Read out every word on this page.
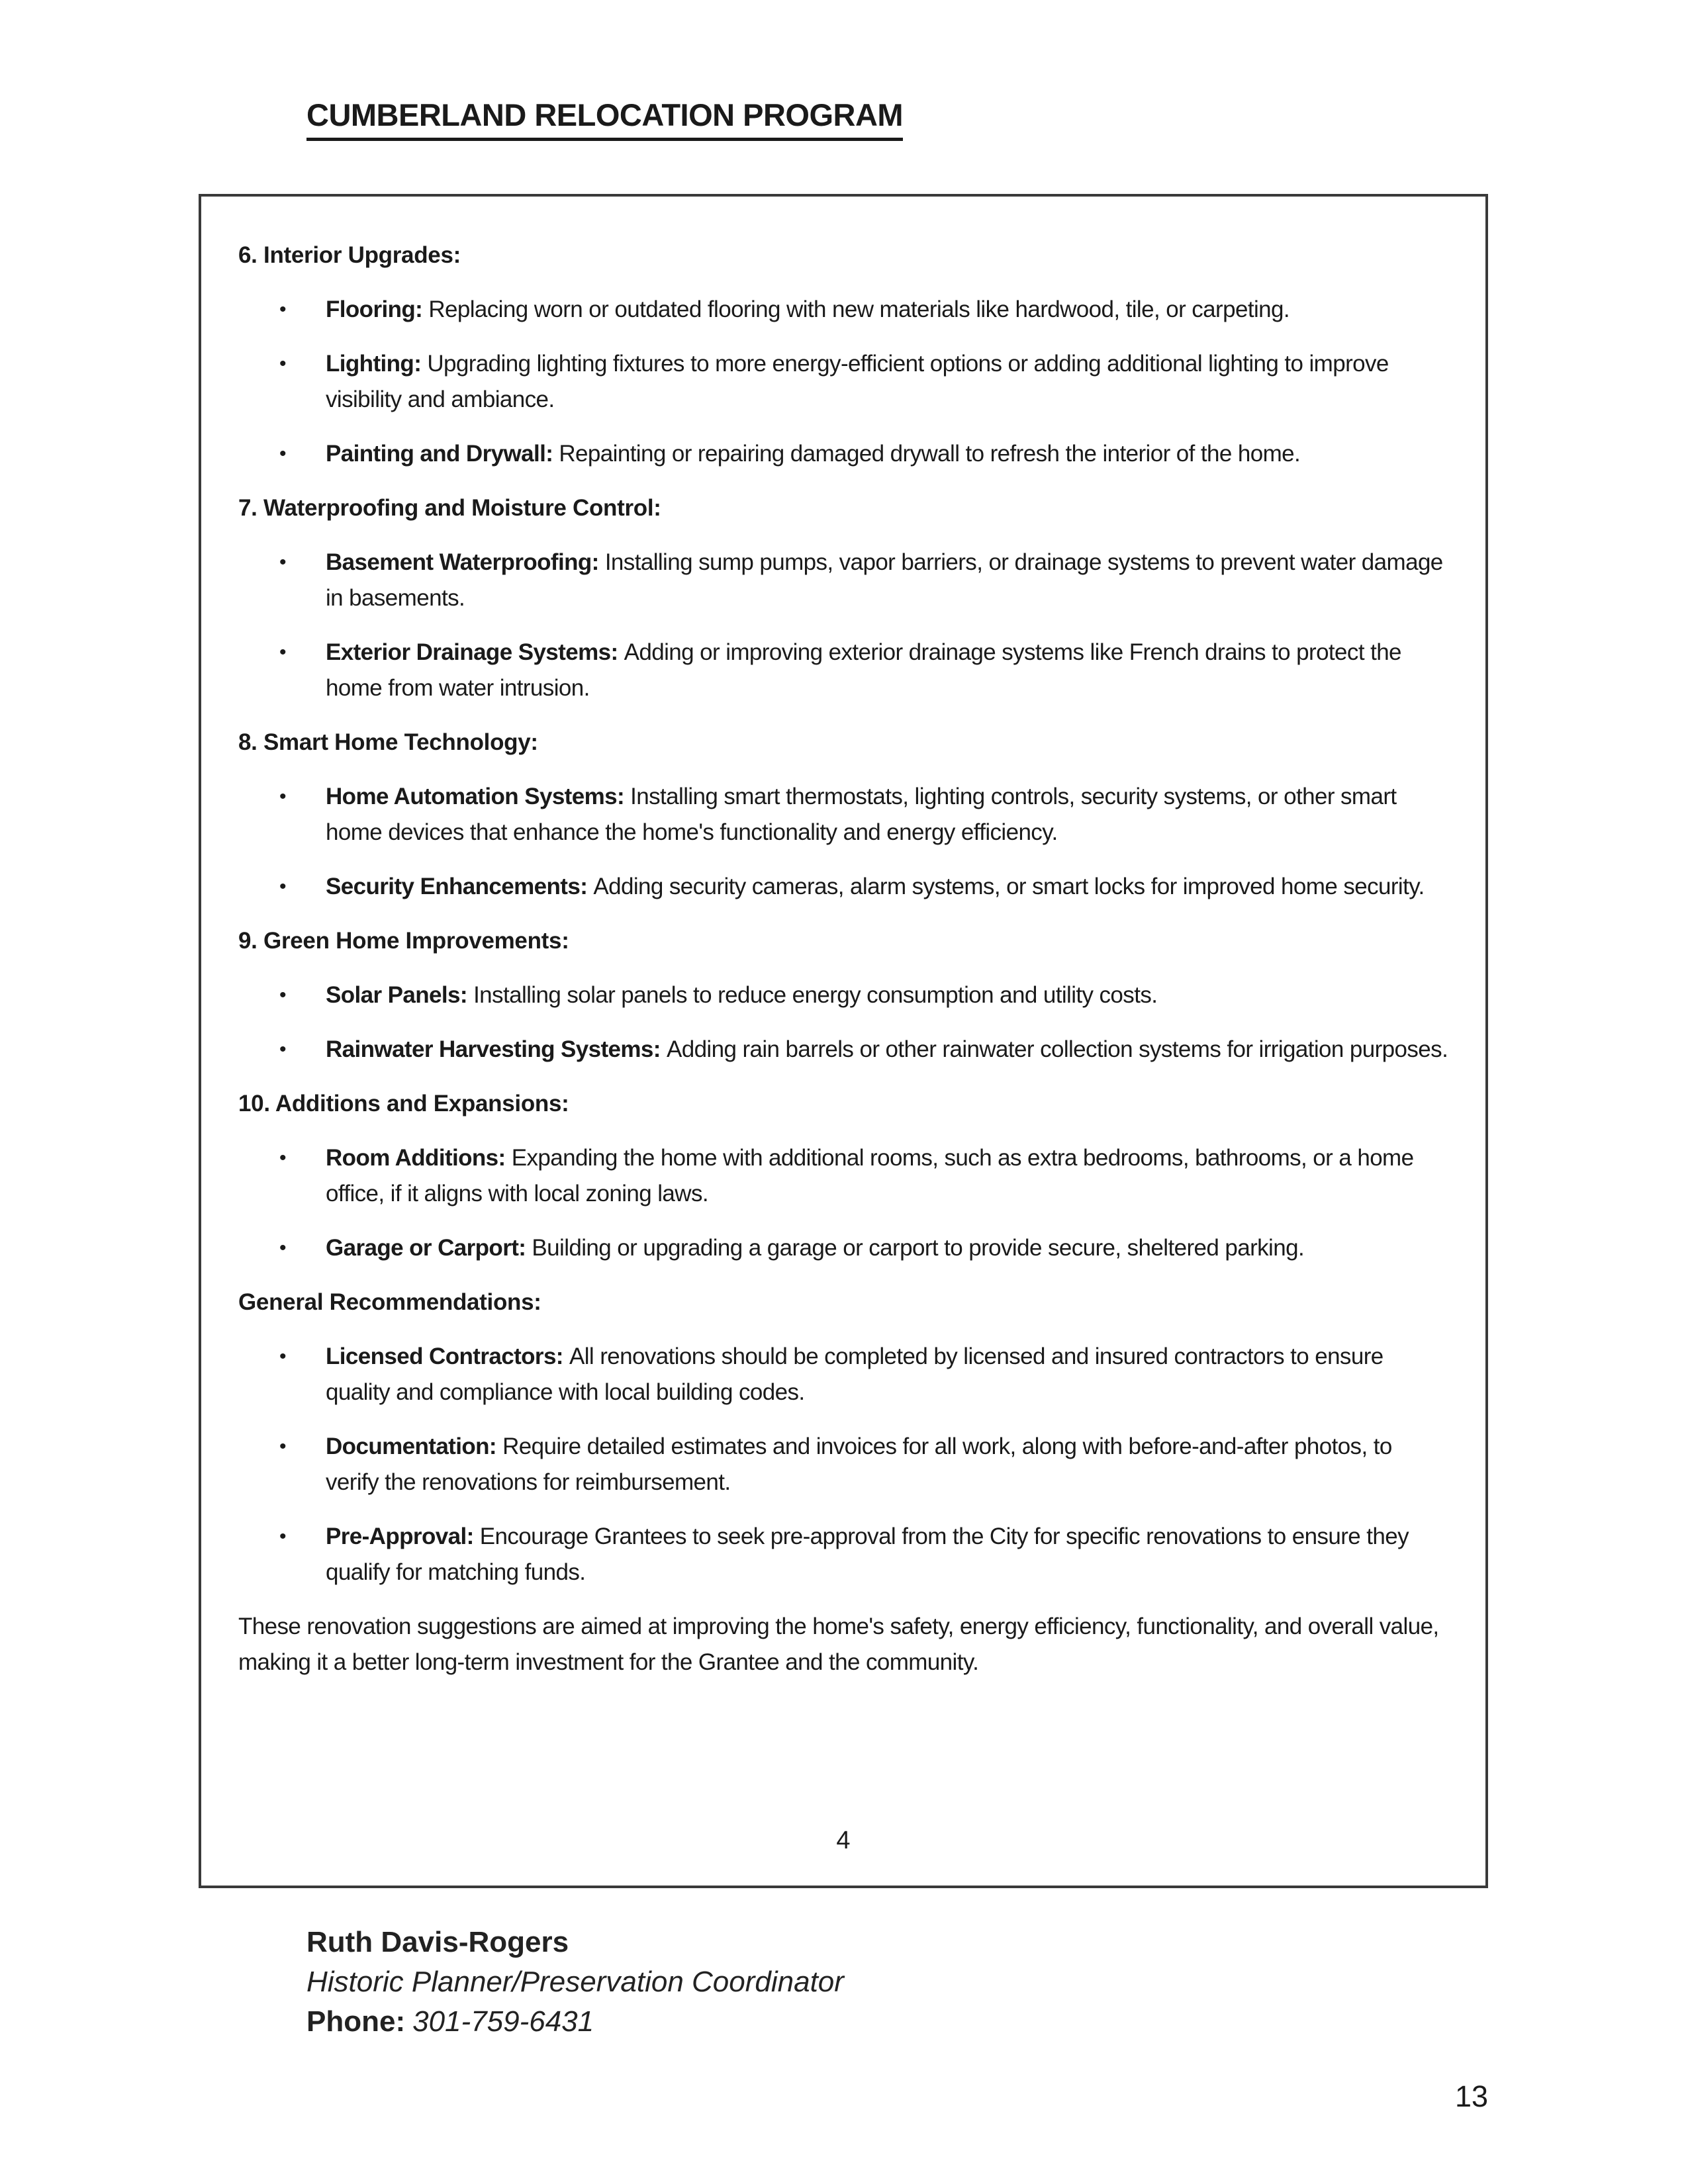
CUMBERLAND RELOCATION PROGRAM
6. Interior Upgrades:
•	Flooring: Replacing worn or outdated flooring with new materials like hardwood, tile, or carpeting.
•	Lighting: Upgrading lighting fixtures to more energy-efficient options or adding additional lighting to improve visibility and ambiance.
•	Painting and Drywall: Repainting or repairing damaged drywall to refresh the interior of the home.
7. Waterproofing and Moisture Control:
•	Basement Waterproofing: Installing sump pumps, vapor barriers, or drainage systems to prevent water damage in basements.
•	Exterior Drainage Systems: Adding or improving exterior drainage systems like French drains to protect the home from water intrusion.
8. Smart Home Technology:
•	Home Automation Systems: Installing smart thermostats, lighting controls, security systems, or other smart home devices that enhance the home's functionality and energy efficiency.
•	Security Enhancements: Adding security cameras, alarm systems, or smart locks for improved home security.
9. Green Home Improvements:
•	Solar Panels: Installing solar panels to reduce energy consumption and utility costs.
•	Rainwater Harvesting Systems: Adding rain barrels or other rainwater collection systems for irrigation purposes.
10. Additions and Expansions:
•	Room Additions: Expanding the home with additional rooms, such as extra bedrooms, bathrooms, or a home office, if it aligns with local zoning laws.
•	Garage or Carport: Building or upgrading a garage or carport to provide secure, sheltered parking.
General Recommendations:
•	Licensed Contractors: All renovations should be completed by licensed and insured contractors to ensure quality and compliance with local building codes.
•	Documentation: Require detailed estimates and invoices for all work, along with before-and-after photos, to verify the renovations for reimbursement.
•	Pre-Approval: Encourage Grantees to seek pre-approval from the City for specific renovations to ensure they qualify for matching funds.
These renovation suggestions are aimed at improving the home's safety, energy efficiency, functionality, and overall value, making it a better long-term investment for the Grantee and the community.
4
Ruth Davis-Rogers
Historic Planner/Preservation Coordinator
Phone: 301-759-6431
13
